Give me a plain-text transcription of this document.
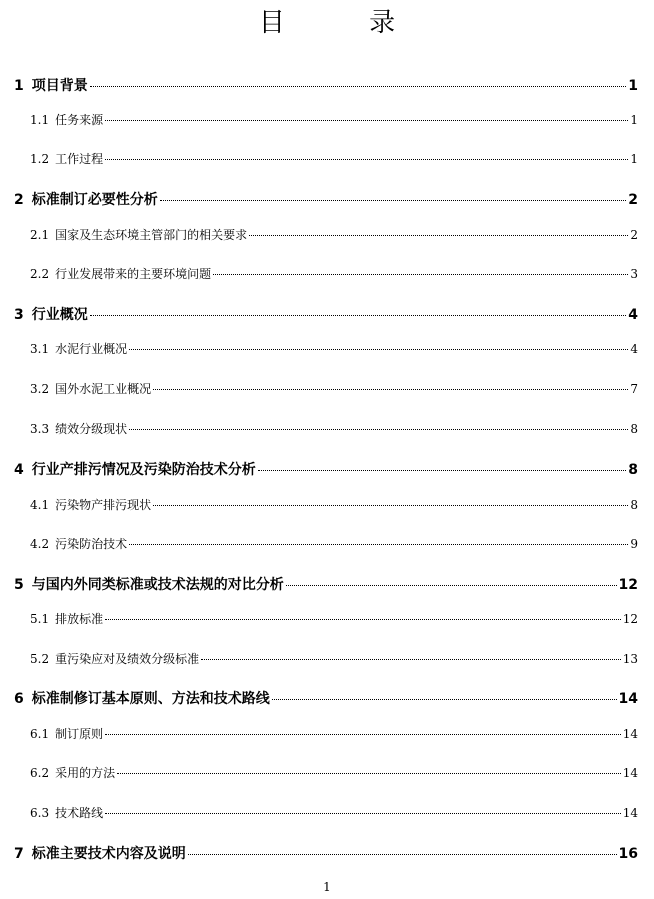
目 录
1 项目背景	1
1.1 任务来源	1
1.2 工作过程	1
2 标准制订必要性分析	2
2.1 国家及生态环境主管部门的相关要求	2
2.2 行业发展带来的主要环境问题	3
3 行业概况	4
3.1 水泥行业概况	4
3.2 国外水泥工业概况	7
3.3 绩效分级现状	8
4 行业产排污情况及污染防治技术分析	8
4.1 污染物产排污现状	8
4.2 污染防治技术	9
5 与国内外同类标准或技术法规的对比分析	12
5.1 排放标准	12
5.2 重污染应对及绩效分级标准	13
6 标准制修订基本原则、方法和技术路线	14
6.1 制订原则	14
6.2 采用的方法	14
6.3 技术路线	14
7 标准主要技术内容及说明	16
1
